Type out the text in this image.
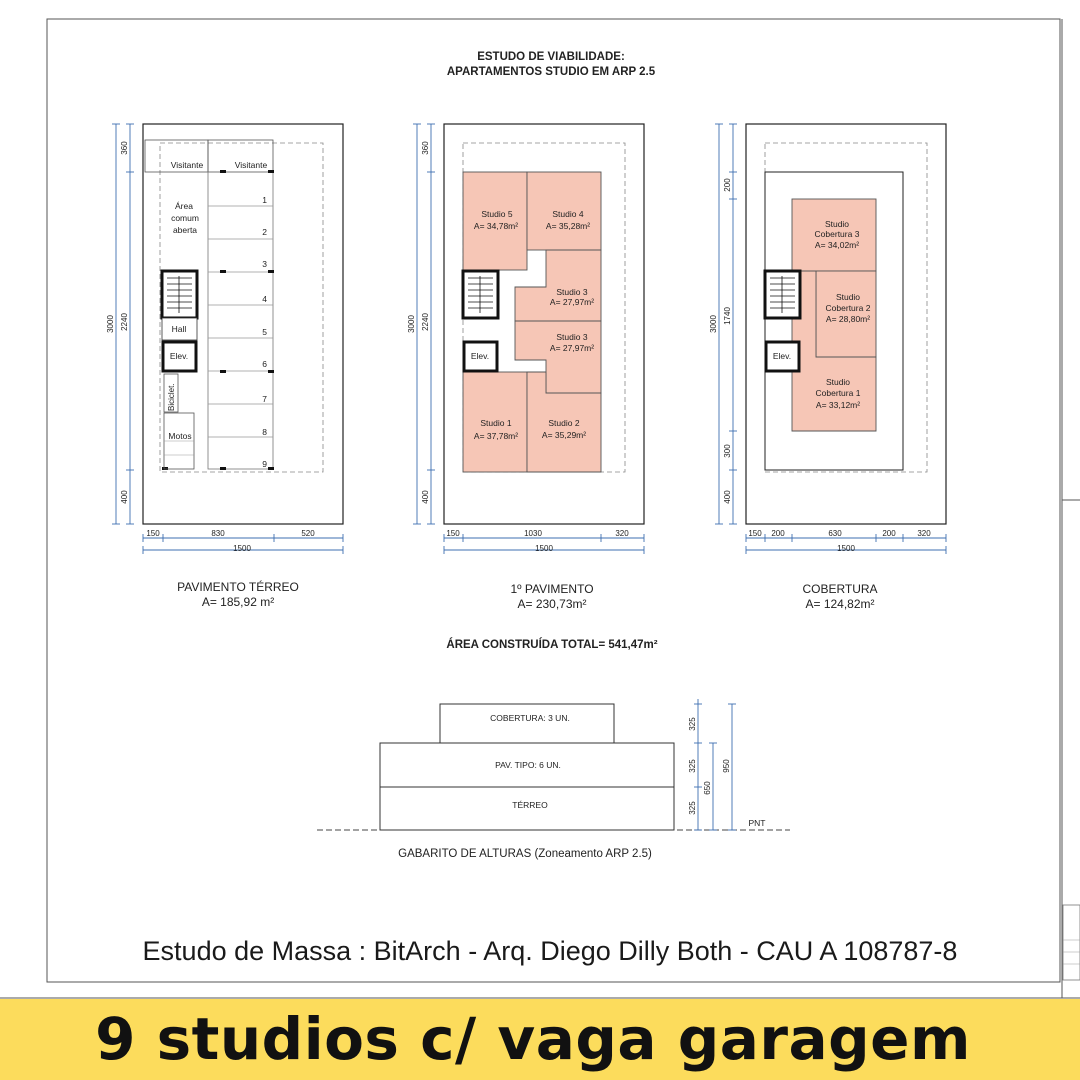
ESTUDO DE VIABILIDADE:
APARTAMENTOS STUDIO EM ARP 2.5
Visitante	Visitante
1
2
3
4
5
6
7
8
9
Área
comum
aberta
Hall
Elev.
Biciclet.
Motos
3000 2240
360
400
150	830	520
1500
PAVIMENTO TÉRREO
A= 185,92 m²
Studio 5
A= 34,78m²
Studio 4
A= 35,28m²
Studio 3
A= 27,97m²
Studio 3
A= 27,97m²
Studio 1
A= 37,78m²
Studio 2
A= 35,29m²
Elev.
3000 2240
360
400
150	1030	320
1500
1º PAVIMENTO
A= 230,73m²
Studio
Cobertura 3
A= 34,02m²
Studio
Cobertura 2
A= 28,80m²
Studio
Cobertura 1
A= 33,12m²
Elev.
3000
200
1740
300
400
150 200	630	200	320
1500
COBERTURA
A= 124,82m²
ÁREA CONSTRUÍDA TOTAL= 541,47m²
COBERTURA: 3 UN.
PAV. TIPO: 6 UN.
TÉRREO
325
325
325
650
950
PNT
GABARITO DE ALTURAS (Zoneamento ARP 2.5)
Estudo de Massa : BitArch - Arq. Diego Dilly Both - CAU A 108787-8
9 studios c/ vaga garagem
